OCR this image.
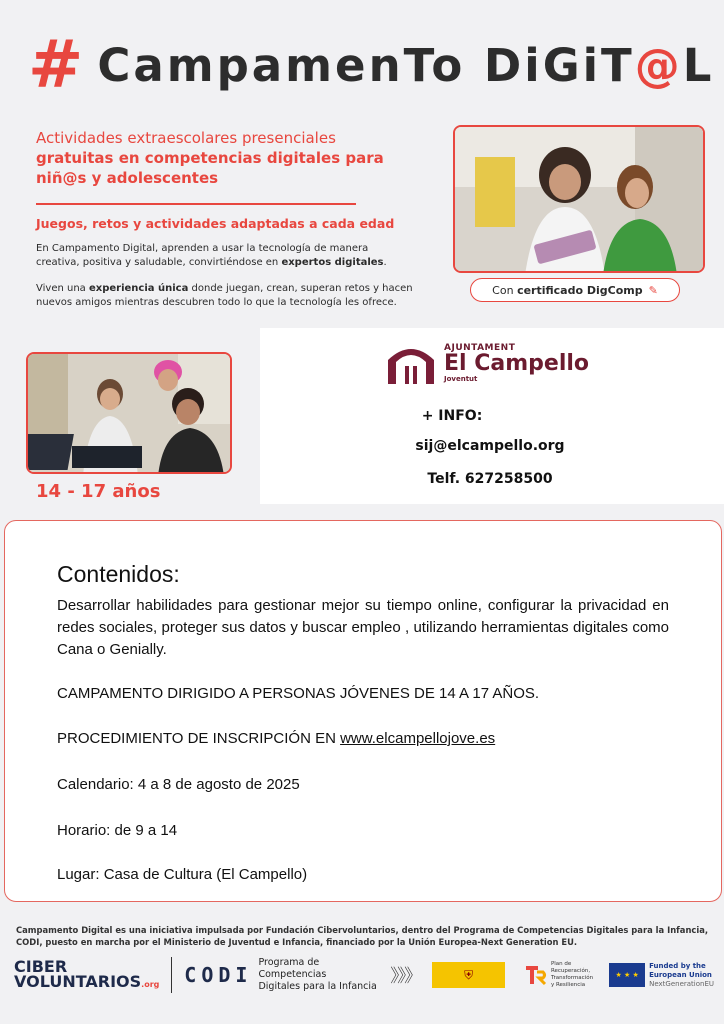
# CampamenTo DiGiT@L
Actividades extraescolares presenciales
gratuitas en competencias digitales para
niñ@s y adolescentes
Juegos, retos y actividades adaptadas a cada edad
En Campamento Digital, aprenden a usar la tecnología de manera
creativa, positiva y saludable, convirtiéndose en expertos digitales.
Viven una experiencia única donde juegan, crean, superan retos y hacen
nuevos amigos mientras descubren todo lo que la tecnología les ofrece.
Con certificado DigComp ✎
14 - 17 años
AJUNTAMENT
El Campello
Joventut
+ INFO:
sij@elcampello.org
Telf. 627258500
Contenidos:
Desarrollar habilidades para gestionar mejor su tiempo online, configurar la privacidad en redes sociales, proteger sus datos y buscar empleo , utilizando herramientas digitales como Cana o Genially.
CAMPAMENTO DIRIGIDO A PERSONAS JÓVENES DE 14 A 17 AÑOS.
PROCEDIMIENTO DE INSCRIPCIÓN EN www.elcampellojove.es
Calendario: 4 a 8 de agosto de 2025
Horario: de 9 a 14
Lugar: Casa de Cultura (El Campello)
Campamento Digital es una iniciativa impulsada por Fundación Cibervoluntarios, dentro del Programa de Competencias Digitales para la Infancia, CODI, puesto en marcha por el Ministerio de Juventud e Infancia, financiado por la Unión Europea-Next Generation EU.
CIBER
VOLUNTARIOS.org CODI
Programa de Competencias
Digitales para la Infancia 》》》	⛨
Plan de
Recuperación,
Transformación
y Resiliencia
★ ★ ★
Funded by the
European Union
NextGenerationEU
